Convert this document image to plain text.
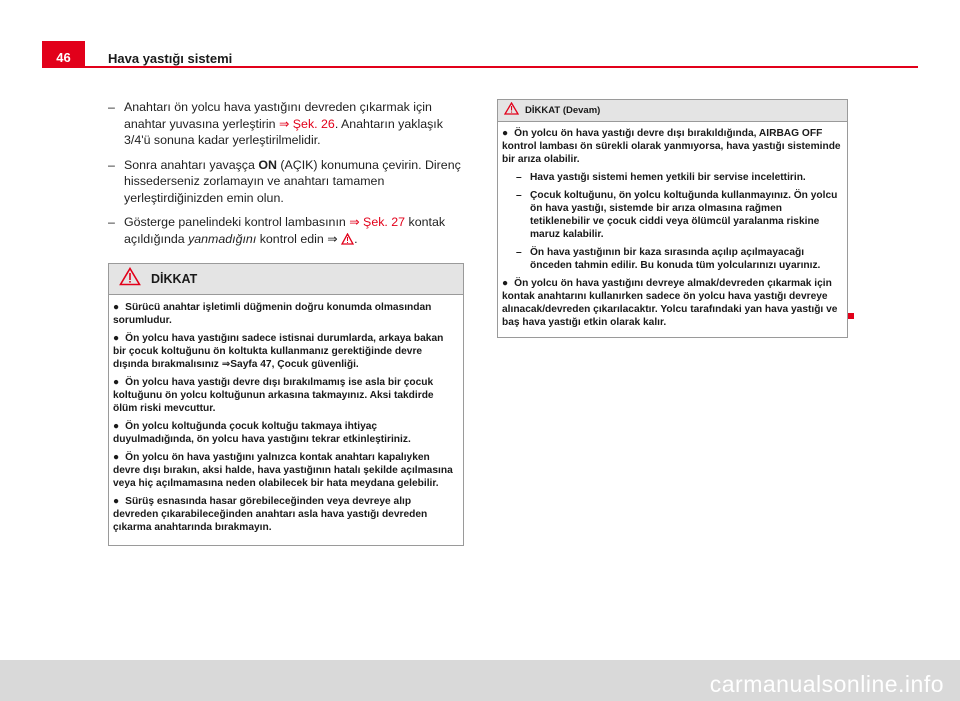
46	Hava yastığı sistemi
– Anahtarı ön yolcu hava yastığını devreden çıkarmak için anahtar yuvasına yerleştirin ⇒ Şek. 26. Anahtarın yaklaşık 3/4'ü sonuna kadar yerleştirilmelidir.
– Sonra anahtarı yavaşça ON (AÇIK) konumuna çevirin. Direnç hissederseniz zorlamayın ve anahtarı tamamen yerleştirdiğinizden emin olun.
– Gösterge panelindeki kontrol lambasının ⇒ Şek. 27 kontak açıldığında yanmadığını kontrol edin ⇒ .
DİKKAT
● Sürücü anahtar işletimli düğmenin doğru konumda olmasından sorumludur.
● Ön yolcu hava yastığını sadece istisnai durumlarda, arkaya bakan bir çocuk koltuğunu ön koltukta kullanmanız gerektiğinde devre dışında bırakmalısınız ⇒Sayfa 47, Çocuk güvenliği.
● Ön yolcu hava yastığı devre dışı bırakılmamış ise asla bir çocuk koltuğunu ön yolcu koltuğunun arkasına takmayınız. Aksi takdirde ölüm riski mevcuttur.
● Ön yolcu koltuğunda çocuk koltuğu takmaya ihtiyaç duyulmadığında, ön yolcu hava yastığını tekrar etkinleştiriniz.
● Ön yolcu ön hava yastığını yalnızca kontak anahtarı kapalıyken devre dışı bırakın, aksi halde, hava yastığının hatalı şekilde açılmasına veya hiç açılmamasına neden olabilecek bir hata meydana gelebilir.
● Sürüş esnasında hasar görebileceğinden veya devreye alıp devreden çıkarabileceğinden anahtarı asla hava yastığı devreden çıkarma anahtarında bırakmayın.
DİKKAT (Devam)
● Ön yolcu ön hava yastığı devre dışı bırakıldığında, AIRBAG OFF kontrol lambası ön sürekli olarak yanmıyorsa, hava yastığı sisteminde bir arıza olabilir.
– Hava yastığı sistemi hemen yetkili bir servise incelettirin.
– Çocuk koltuğunu, ön yolcu koltuğunda kullanmayınız. Ön yolcu ön hava yastığı, sistemde bir arıza olmasına rağmen tetiklenebilir ve çocuk ciddi veya ölümcül yaralanma riskine maruz kalabilir.
– Ön hava yastığının bir kaza sırasında açılıp açılmayacağı önceden tahmin edilir. Bu konuda tüm yolcularınızı uyarınız.
● Ön yolcu ön hava yastığını devreye almak/devreden çıkarmak için kontak anahtarını kullanırken sadece ön yolcu hava yastığı devreye alınacak/devreden çıkarılacaktır. Yolcu tarafındaki yan hava yastığı ve baş hava yastığı etkin olarak kalır.
carmanualsonline.info
